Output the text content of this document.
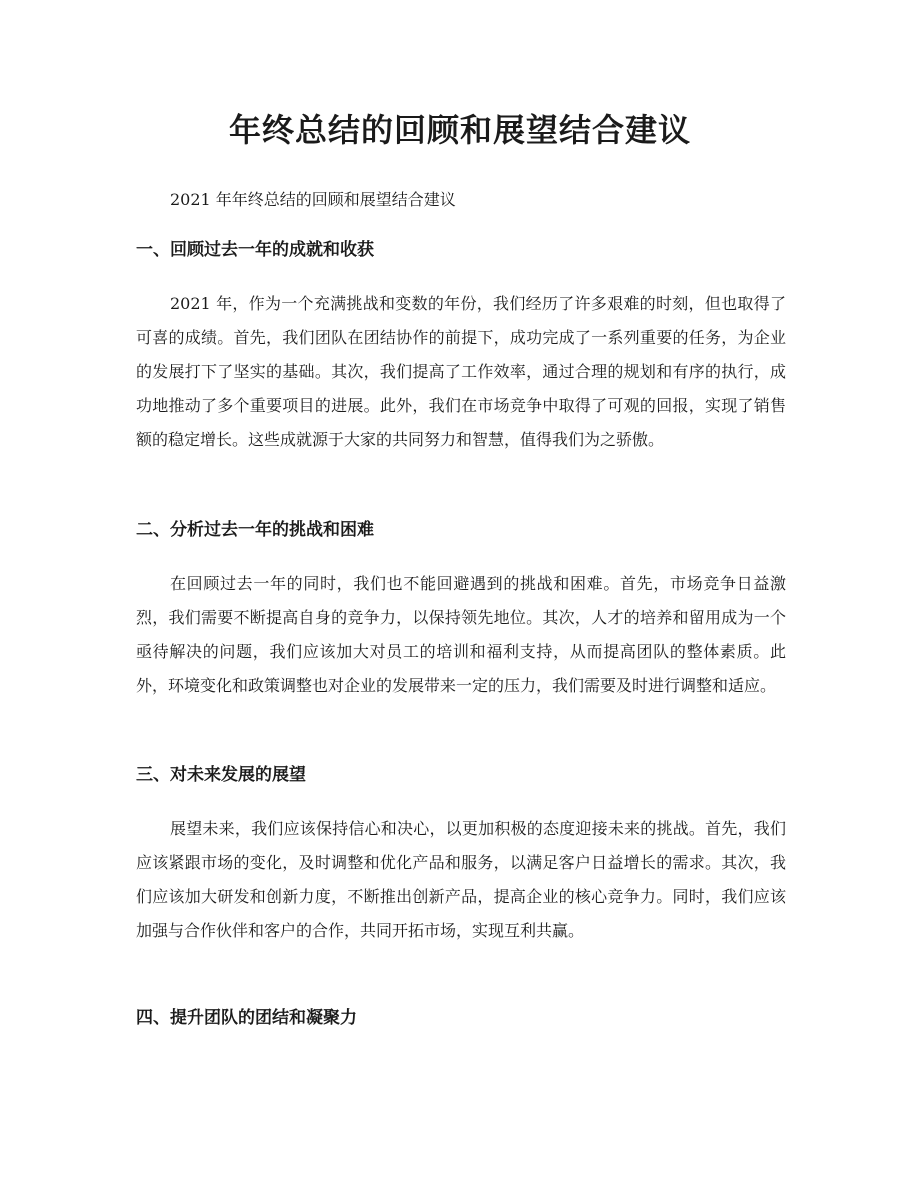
年终总结的回顾和展望结合建议

2021 年年终总结的回顾和展望结合建议

一、回顾过去一年的成就和收获

2021 年，作为一个充满挑战和变数的年份，我们经历了许多艰难的时刻，但也取得了可喜的成绩。首先，我们团队在团结协作的前提下，成功完成了一系列重要的任务，为企业的发展打下了坚实的基础。其次，我们提高了工作效率，通过合理的规划和有序的执行，成功地推动了多个重要项目的进展。此外，我们在市场竞争中取得了可观的回报，实现了销售额的稳定增长。这些成就源于大家的共同努力和智慧，值得我们为之骄傲。

二、分析过去一年的挑战和困难

在回顾过去一年的同时，我们也不能回避遇到的挑战和困难。首先，市场竞争日益激烈，我们需要不断提高自身的竞争力，以保持领先地位。其次，人才的培养和留用成为一个亟待解决的问题，我们应该加大对员工的培训和福利支持，从而提高团队的整体素质。此外，环境变化和政策调整也对企业的发展带来一定的压力，我们需要及时进行调整和适应。

三、对未来发展的展望

展望未来，我们应该保持信心和决心，以更加积极的态度迎接未来的挑战。首先，我们应该紧跟市场的变化，及时调整和优化产品和服务，以满足客户日益增长的需求。其次，我们应该加大研发和创新力度，不断推出创新产品，提高企业的核心竞争力。同时，我们应该加强与合作伙伴和客户的合作，共同开拓市场，实现互利共赢。

四、提升团队的团结和凝聚力
